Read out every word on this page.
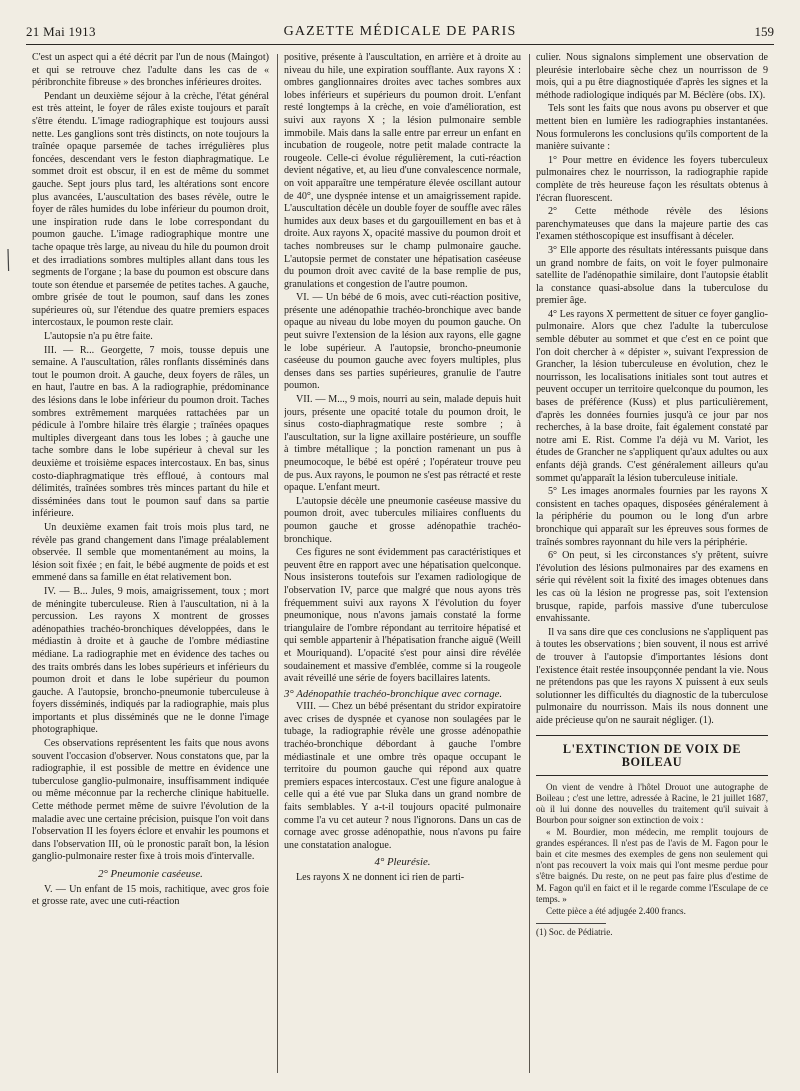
21 Mai 1913	GAZETTE MÉDICALE DE PARIS	159

C'est un aspect qui a été décrit par l'un de nous (Maingot) et qui se retrouve chez l'adulte dans les cas de « péribronchite fibreuse » des bronches inférieures droites.

Pendant un deuxième séjour à la crèche, l'état général est très atteint, le foyer de râles existe toujours et paraît s'être étendu. L'image radiographique est toujours aussi nette. Les ganglions sont très distincts, on note toujours la traînée opaque parsemée de taches irrégulières plus foncées, descendant vers le feston diaphragmatique. Le sommet droit est obscur, il en est de même du sommet gauche. Sept jours plus tard, les altérations sont encore plus avancées, L'auscultation des bases révèle, outre le foyer de râles humides du lobe inférieur du poumon droit, une inspiration rude dans le lobe correspondant du poumon gauche. L'image radiographique montre une tache opaque très large, au niveau du hile du poumon droit et des irradiations sombres multiples allant dans tous les segments de l'organe ; la base du poumon est obscure dans toute son étendue et parsemée de petites taches. A gauche, ombre grisée de tout le poumon, sauf dans les zones supérieures où, sur l'étendue des quatre premiers espaces intercostaux, le poumon reste clair.

L'autopsie n'a pu être faite.

III. — R... Georgette, 7 mois, tousse depuis une semaine. A l'auscultation, râles ronflants disséminés dans tout le poumon droit. A gauche, deux foyers de râles, un en haut, l'autre en bas. A la radiographie, prédominance des lésions dans le lobe inférieur du poumon droit. Taches sombres extrêmement marquées rattachées par un pédicule à l'ombre hilaire très élargie ; traînées opaques multiples divergeant dans tous les lobes ; à gauche une tache sombre dans le lobe supérieur à cheval sur les deuxième et troisième espaces intercostaux. En bas, sinus costo-diaphragmatique très effloué, à contours mal délimités, traînées sombres très minces partant du hile et disséminées dans tout le poumon sauf dans sa partie inférieure.

Un deuxième examen fait trois mois plus tard, ne révèle pas grand changement dans l'image préalablement observée. Il semble que momentanément au moins, la lésion soit fixée ; en fait, le bébé augmente de poids et est emmené dans sa famille en état relativement bon.

IV. — B... Jules, 9 mois, amaigrissement, toux ; mort de méningite tuberculeuse. Rien à l'auscultation, ni à la percussion. Les rayons X montrent de grosses adénopathies trachéo-bronchiques développées, dans le médiastin à droite et à gauche de l'ombre médiastine médiane. La radiographie met en évidence des taches ou des traits ombrés dans les lobes supérieurs et inférieurs du poumon droit et dans le lobe supérieur du poumon gauche. A l'autopsie, broncho-pneumonie tuberculeuse à foyers disséminés, indiqués par la radiographie, mais plus importants et plus disséminés que ne le donne l'image photographique.

Ces observations représentent les faits que nous avons souvent l'occasion d'observer. Nous constatons que, par la radiographie, il est possible de mettre en évidence une tuberculose ganglio-pulmonaire, insuffisamment indiquée ou même méconnue par la recherche clinique habituelle. Cette méthode permet même de suivre l'évolution de la maladie avec une certaine précision, puisque l'on voit dans l'observation II les foyers éclore et envahir les poumons et dans l'observation III, où le pronostic paraît bon, la lésion ganglio-pulmonaire rester fixe à trois mois d'intervalle.

2° Pneumonie caséeuse.

V. — Un enfant de 15 mois, rachitique, avec gros foie et grosse rate, avec une cuti-réaction

positive, présente à l'auscultation, en arrière et à droite au niveau du hile, une expiration soufflante. Aux rayons X : ombres ganglionnaires droites avec taches sombres aux lobes inférieurs et supérieurs du poumon droit. L'enfant resté longtemps à la crèche, en voie d'amélioration, est suivi aux rayons X ; la lésion pulmonaire semble immobile. Mais dans la salle entre par erreur un enfant en incubation de rougeole, notre petit malade contracte la rougeole. Celle-ci évolue régulièrement, la cuti-réaction devient négative, et, au lieu d'une convalescence normale, on voit apparaître une température élevée oscillant autour de 40°, une dyspnée intense et un amaigrissement rapide. L'auscultation décèle un double foyer de souffle avec râles humides aux deux bases et du gargouillement en bas et à droite. Aux rayons X, opacité massive du poumon droit et taches nombreuses sur le champ pulmonaire gauche. L'autopsie permet de constater une hépatisation caséeuse du poumon droit avec cavité de la base remplie de pus, granulations et congestion de l'autre poumon.

VI. — Un bébé de 6 mois, avec cuti-réaction positive, présente une adénopathie trachéo-bronchique avec bande opaque au niveau du lobe moyen du poumon gauche. On peut suivre l'extension de la lésion aux rayons, elle gagne le lobe supérieur. A l'autopsie, broncho-pneumonie caséeuse du poumon gauche avec foyers multiples, plus denses dans ses parties supérieures, granulie de l'autre poumon.

VII. — M..., 9 mois, nourri au sein, malade depuis huit jours, présente une opacité totale du poumon droit, le sinus costo-diaphragmatique reste sombre ; à l'auscultation, sur la ligne axillaire postérieure, un souffle à timbre métallique ; la ponction ramenant un pus à pneumocoque, le bébé est opéré ; l'opérateur trouve peu de pus. Aux rayons, le poumon ne s'est pas rétracté et reste opaque. L'enfant meurt.

L'autopsie décèle une pneumonie caséeuse massive du poumon droit, avec tubercules miliaires confluents du poumon gauche et grosse adénopathie trachéo-bronchique.

Ces figures ne sont évidemment pas caractéristiques et peuvent être en rapport avec une hépatisation quelconque. Nous insisterons toutefois sur l'examen radiologique de l'observation IV, parce que malgré que nous ayons très fréquemment suivi aux rayons X l'évolution du foyer pneumonique, nous n'avons jamais constaté la forme triangulaire de l'ombre répondant au territoire hépatisé et qui semble appartenir à l'hépatisation franche aiguë (Weill et Mouriquand). L'opacité s'est pour ainsi dire révélée soudainement et massive d'emblée, comme si la rougeole avait réveillé une série de foyers bacillaires latents.

3° Adénopathie trachéo-bronchique avec cornage.

VIII. — Chez un bébé présentant du stridor expiratoire avec crises de dyspnée et cyanose non soulagées par le tubage, la radiographie révèle une grosse adénopathie trachéo-bronchique débordant à gauche l'ombre médiastinale et une ombre très opaque occupant le territoire du poumon gauche qui répond aux quatre premiers espaces intercostaux. C'est une figure analogue à celle qui a été vue par Sluka dans un grand nombre de faits semblables. Y a-t-il toujours opacité pulmonaire comme l'a vu cet auteur ? nous l'ignorons. Dans un cas de cornage avec grosse adénopathie, nous n'avons pu faire une constatation analogue.

4° Pleurésie.

Les rayons X ne donnent ici rien de parti-

culier. Nous signalons simplement une observation de pleurésie interlobaire sèche chez un nourrisson de 9 mois, qui a pu être diagnostiquée d'après les signes et la méthode radiologique indiqués par M. Béclère (obs. IX).

Tels sont les faits que nous avons pu observer et que mettent bien en lumière les radiographies instantanées. Nous formulerons les conclusions qu'ils comportent de la manière suivante :

1° Pour mettre en évidence les foyers tuberculeux pulmonaires chez le nourrisson, la radiographie rapide complète de très heureuse façon les résultats obtenus à l'écran fluorescent.

2° Cette méthode révèle des lésions parenchymateuses que dans la majeure partie des cas l'examen stéthoscopique est insuffisant à déceler.

3° Elle apporte des résultats intéressants puisque dans un grand nombre de faits, on voit le foyer pulmonaire satellite de l'adénopathie similaire, dont l'autopsie établit la constance quasi-absolue dans la tuberculose du premier âge.

4° Les rayons X permettent de situer ce foyer ganglio-pulmonaire. Alors que chez l'adulte la tuberculose semble débuter au sommet et que c'est en ce point que l'on doit chercher à « dépister », suivant l'expression de Grancher, la lésion tuberculeuse en évolution, chez le nourrisson, les localisations initiales sont tout autres et peuvent occuper un territoire quelconque du poumon, les bases de préférence (Kuss) et plus particulièrement, d'après les données fournies jusqu'à ce jour par nos recherches, à la base droite, fait également constaté par notre ami E. Rist. Comme l'a déjà vu M. Variot, les études de Grancher ne s'appliquent qu'aux adultes ou aux enfants déjà grands. C'est généralement ailleurs qu'au sommet qu'apparaît la lésion tuberculeuse initiale.

5° Les images anormales fournies par les rayons X consistent en taches opaques, disposées généralement à la périphérie du poumon ou le long d'un arbre bronchique qui apparaît sur les épreuves sous formes de traînés sombres rayonnant du hile vers la périphérie.

6° On peut, si les circonstances s'y prêtent, suivre l'évolution des lésions pulmonaires par des examens en série qui révèlent soit la fixité des images obtenues dans les cas où la lésion ne progresse pas, soit l'extension brusque, rapide, parfois massive d'une tuberculose envahissante.

Il va sans dire que ces conclusions ne s'appliquent pas à toutes les observations ; bien souvent, il nous est arrivé de trouver à l'autopsie d'importantes lésions dont l'existence était restée insoupçonnée pendant la vie. Nous ne prétendons pas que les rayons X puissent à eux seuls solutionner les difficultés du diagnostic de la tuberculose pulmonaire du nourrisson. Mais ils nous donnent une aide précieuse qu'on ne saurait négliger. (1).

L'EXTINCTION DE VOIX DE BOILEAU

On vient de vendre à l'hôtel Drouot une autographe de Boileau ; c'est une lettre, adressée à Racine, le 21 juillet 1687, où il lui donne des nouvelles du traitement qu'il suivait à Bourbon pour soigner son extinction de voix :

« M. Bourdier, mon médecin, me remplit toujours de grandes espérances. Il n'est pas de l'avis de M. Fagon pour le bain et cite mesmes des exemples de gens non seulement qui n'ont pas recouvert la voix mais qui l'ont mesme perdue pour s'être baignés. Du reste, on ne peut pas faire plus d'estime de M. Fagon qu'il en faict et il le regarde comme l'Esculape de ce temps. »

Cette pièce a été adjugée 2.400 francs.

(1) Soc. de Pédiatrie.
